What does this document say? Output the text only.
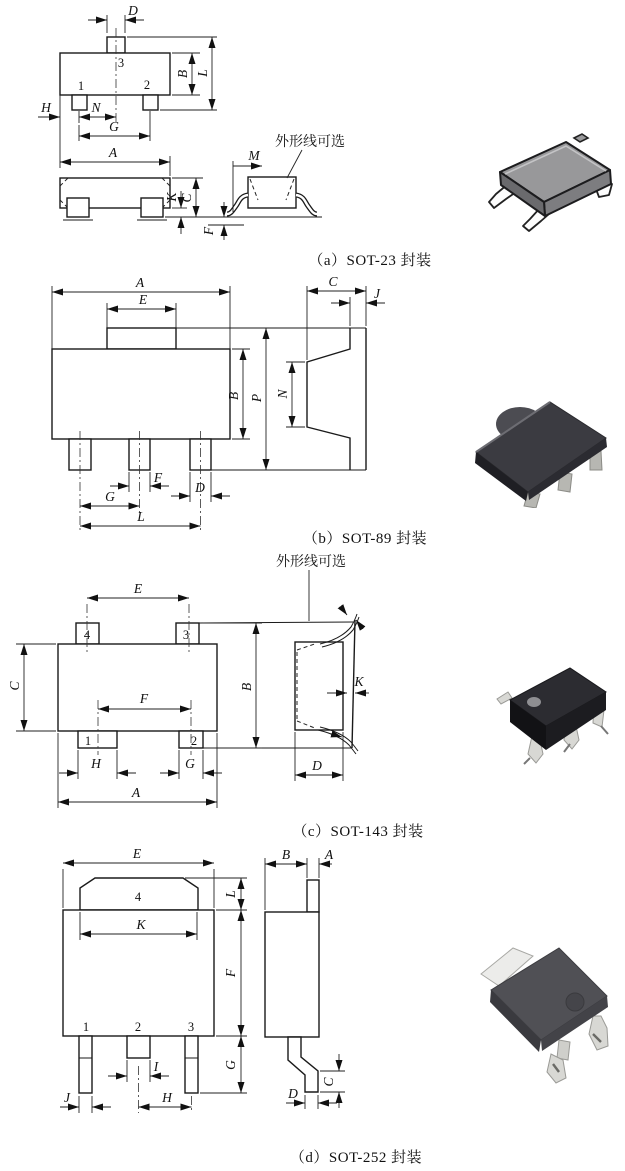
D
B L
H	N
G
A
K C
F
M
3
1	2
外形线可选
A
E
B P N
C
J
F
D
G
L
E
C
F
B
H	G
A
K
D
4	3
1	2
外形线可选
E
K
L
F
G
I
J	H
B	A
C
D
4
1	2	3
（a）SOT-23 封装
（b）SOT-89 封装
（c）SOT-143 封装
（d）SOT-252 封装
